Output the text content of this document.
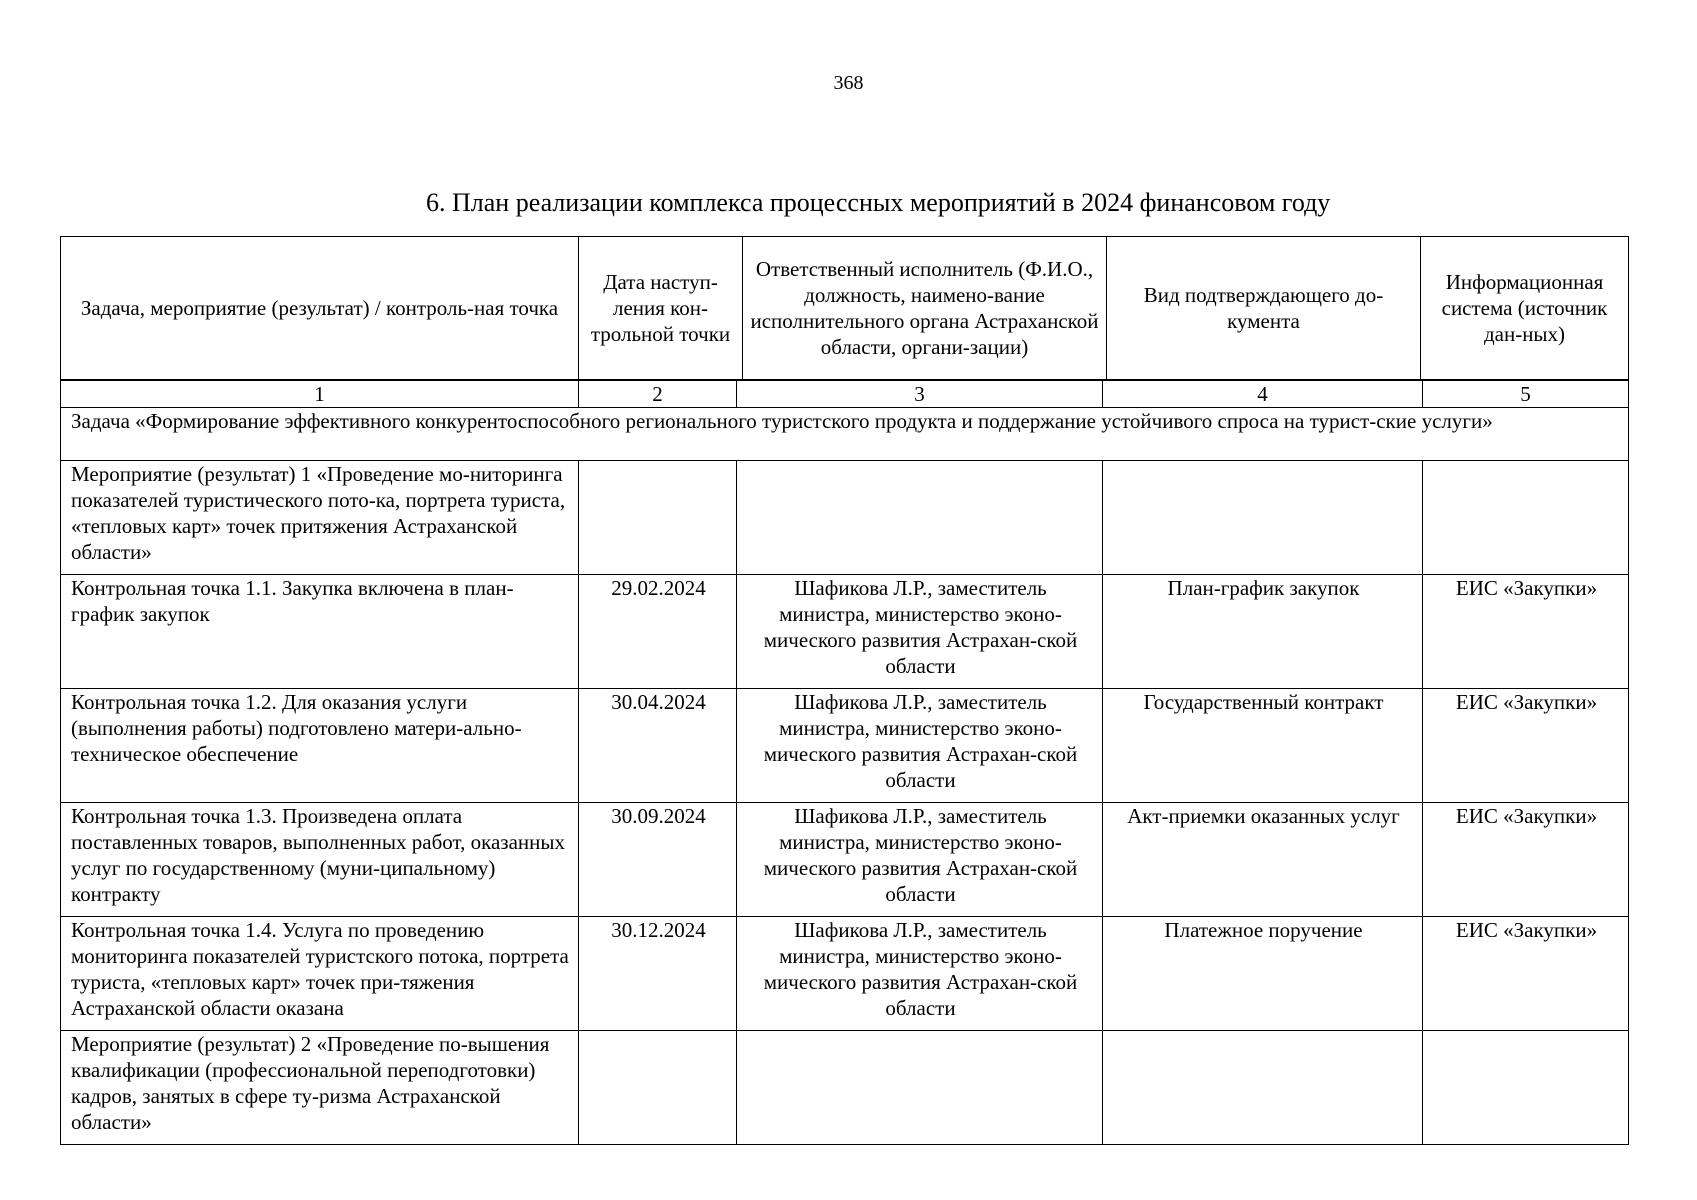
368
6. План реализации комплекса процессных мероприятий в 2024 финансовом году
Задача, мероприятие (результат) / контроль-ная точка	Дата наступ-ления кон-трольной точки	Ответственный исполнитель (Ф.И.О., должность, наимено-вание исполнительного органа Астраханской области, органи-зации)	Вид подтверждающего до-кумента	Информационная система (источник дан-ных)
1	2	3	4	5
Задача «Формирование эффективного конкурентоспособного регионального туристского продукта и поддержание устойчивого спроса на турист-ские услуги»				
Мероприятие (результат) 1 «Проведение мо-ниторинга показателей туристического пото-ка, портрета туриста, «тепловых карт» точек притяжения Астраханской области»				
Контрольная точка 1.1. Закупка включена в план-график закупок	29.02.2024	Шафикова Л.Р., заместитель министра, министерство эконо-мического развития Астрахан-ской области	План-график закупок	ЕИС «Закупки»
Контрольная точка 1.2. Для оказания услуги (выполнения работы) подготовлено матери-ально-техническое обеспечение	30.04.2024	Шафикова Л.Р., заместитель министра, министерство эконо-мического развития Астрахан-ской области	Государственный контракт	ЕИС «Закупки»
Контрольная точка 1.3. Произведена оплата поставленных товаров, выполненных работ, оказанных услуг по государственному (муни-ципальному) контракту	30.09.2024	Шафикова Л.Р., заместитель министра, министерство эконо-мического развития Астрахан-ской области	Акт-приемки оказанных услуг	ЕИС «Закупки»
Контрольная точка 1.4. Услуга по проведению мониторинга показателей туристского потока, портрета туриста, «тепловых карт» точек при-тяжения Астраханской области оказана	30.12.2024	Шафикова Л.Р., заместитель министра, министерство эконо-мического развития Астрахан-ской области	Платежное поручение	ЕИС «Закупки»
Мероприятие (результат) 2 «Проведение по-вышения квалификации (профессиональной переподготовки) кадров, занятых в сфере ту-ризма Астраханской области»				
